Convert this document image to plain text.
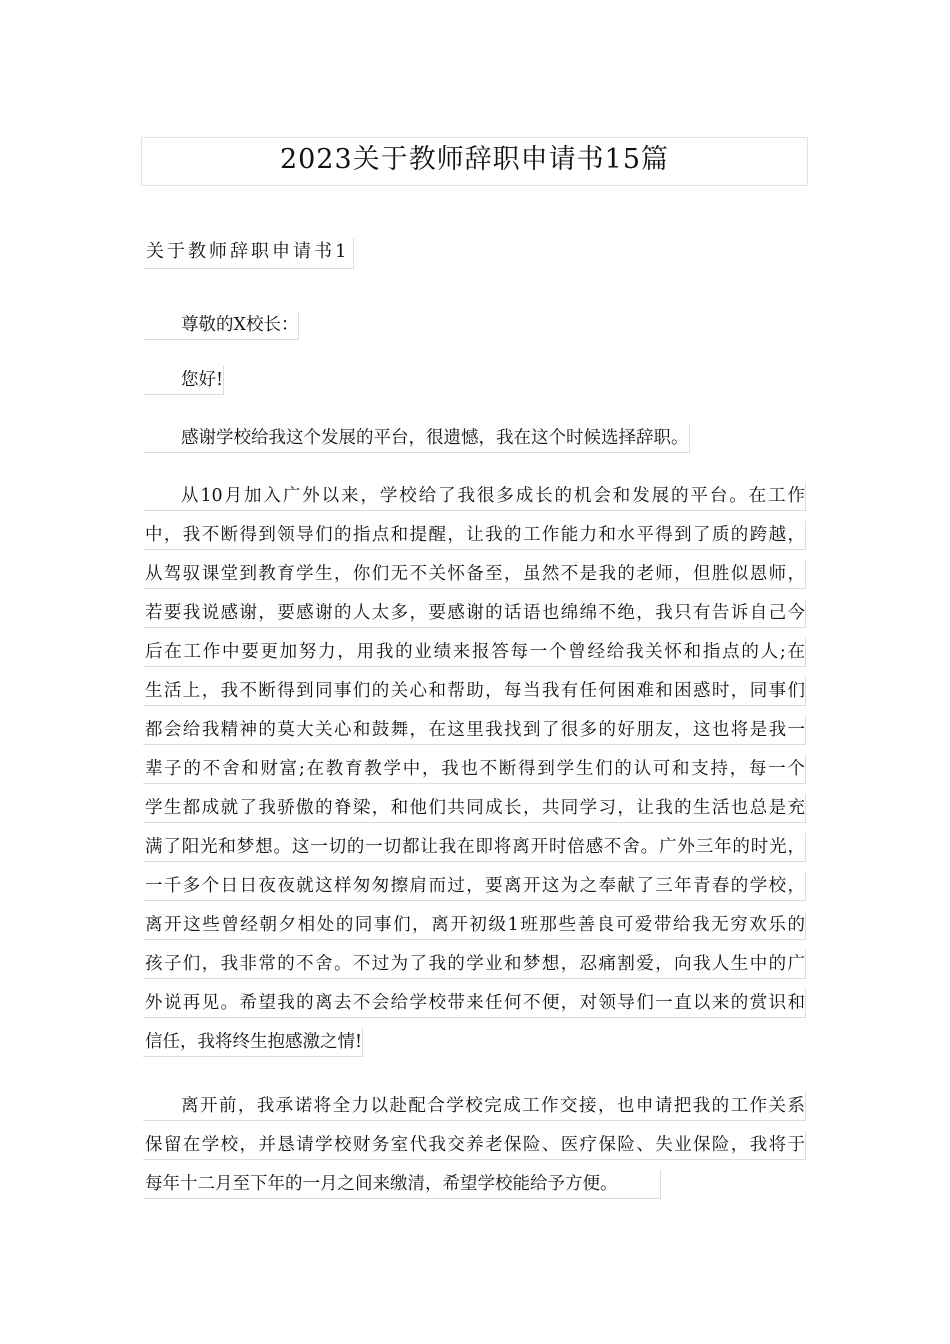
2023关于教师辞职申请书15篇
关于教师辞职申请书1
尊敬的X校长：
您好!
感谢学校给我这个发展的平台，很遗憾，我在这个时候选择辞职。
从10月加入广外以来，学校给了我很多成长的机会和发展的平台。在工作
中，我不断得到领导们的指点和提醒，让我的工作能力和水平得到了质的跨越，
从驾驭课堂到教育学生，你们无不关怀备至，虽然不是我的老师，但胜似恩师，
若要我说感谢，要感谢的人太多，要感谢的话语也绵绵不绝，我只有告诉自己今
后在工作中要更加努力，用我的业绩来报答每一个曾经给我关怀和指点的人;在
生活上，我不断得到同事们的关心和帮助，每当我有任何困难和困惑时，同事们
都会给我精神的莫大关心和鼓舞，在这里我找到了很多的好朋友，这也将是我一
辈子的不舍和财富;在教育教学中，我也不断得到学生们的认可和支持，每一个
学生都成就了我骄傲的脊梁，和他们共同成长，共同学习，让我的生活也总是充
满了阳光和梦想。这一切的一切都让我在即将离开时倍感不舍。广外三年的时光，
一千多个日日夜夜就这样匆匆擦肩而过，要离开这为之奉献了三年青春的学校，
离开这些曾经朝夕相处的同事们，离开初级1班那些善良可爱带给我无穷欢乐的
孩子们，我非常的不舍。不过为了我的学业和梦想，忍痛割爱，向我人生中的广
外说再见。希望我的离去不会给学校带来任何不便，对领导们一直以来的赏识和
信任，我将终生抱感激之情!
离开前，我承诺将全力以赴配合学校完成工作交接，也申请把我的工作关系
保留在学校，并恳请学校财务室代我交养老保险、医疗保险、失业保险，我将于
每年十二月至下年的一月之间来缴清，希望学校能给予方便。
